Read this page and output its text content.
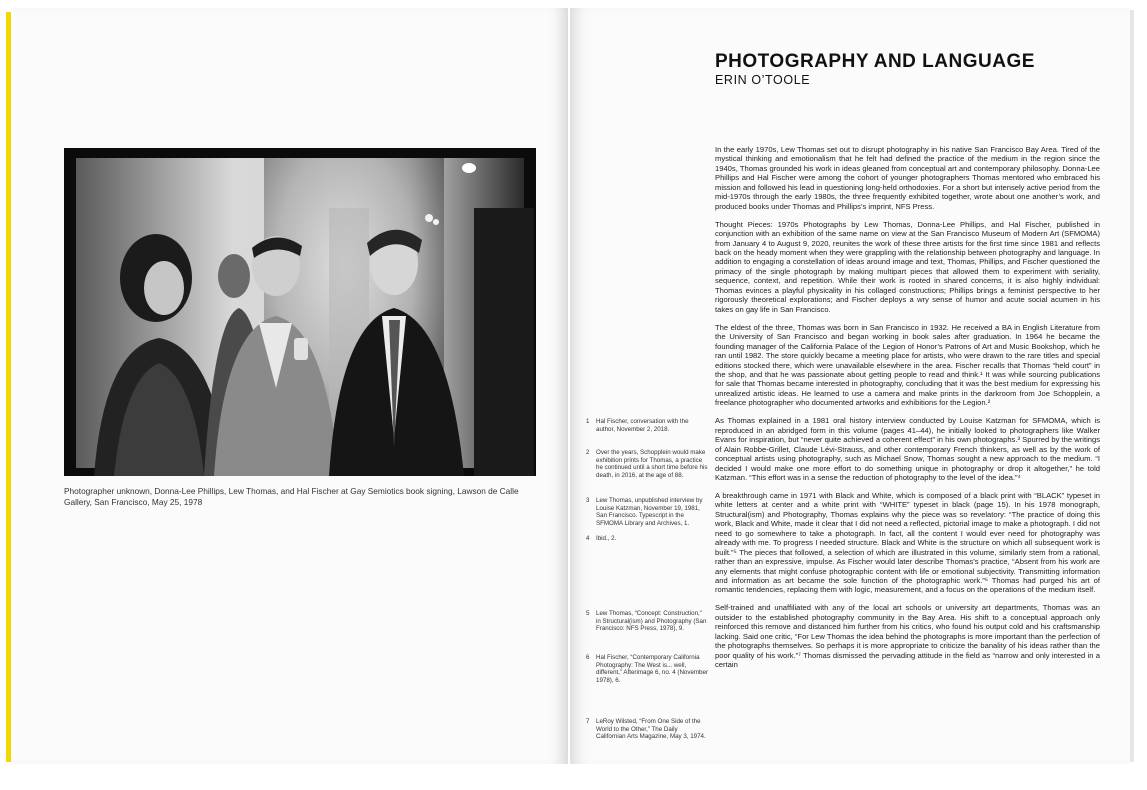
Photographer unknown, Donna-Lee Phillips, Lew Thomas, and Hal Fischer at Gay Semiotics book signing, Lawson de Calle Gallery, San Francisco, May 25, 1978
PHOTOGRAPHY AND LANGUAGE
ERIN O’TOOLE

In the early 1970s, Lew Thomas set out to disrupt photography in his native San Francisco Bay Area. Tired of the mystical thinking and emotionalism that he felt had defined the practice of the medium in the region since the 1940s, Thomas grounded his work in ideas gleaned from conceptual art and contemporary philosophy. Donna-Lee Phillips and Hal Fischer were among the cohort of younger photographers Thomas mentored who embraced his mission and followed his lead in questioning long-held orthodoxies. For a short but intensely active period from the mid-1970s through the early 1980s, the three frequently exhibited together, wrote about one another’s work, and produced books under Thomas and Phillips’s imprint, NFS Press.

Thought Pieces: 1970s Photographs by Lew Thomas, Donna-Lee Phillips, and Hal Fischer, published in conjunction with an exhibition of the same name on view at the San Francisco Museum of Modern Art (SFMOMA) from January 4 to August 9, 2020, reunites the work of these three artists for the first time since 1981 and reflects back on the heady moment when they were grappling with the relationship between photography and language. In addition to engaging a constellation of ideas around image and text, Thomas, Phillips, and Fischer questioned the primacy of the single photograph by making multipart pieces that allowed them to experiment with seriality, sequence, context, and repetition. While their work is rooted in shared concerns, it is also highly individual: Thomas evinces a playful physicality in his collaged constructions; Phillips brings a feminist perspective to her rigorously theoretical explorations; and Fischer deploys a wry sense of humor and acute social acumen in his takes on gay life in San Francisco.

The eldest of the three, Thomas was born in San Francisco in 1932. He received a BA in English Literature from the University of San Francisco and began working in book sales after graduation. In 1964 he became the founding manager of the California Palace of the Legion of Honor’s Patrons of Art and Music Bookshop, which he ran until 1982. The store quickly became a meeting place for artists, who were drawn to the rare titles and special editions stocked there, which were unavailable elsewhere in the area. Fischer recalls that Thomas “held court” in the shop, and that he was passionate about getting people to read and think.¹ It was while sourcing publications for sale that Thomas became interested in photography, concluding that it was the best medium for expressing his unrealized artistic ideas. He learned to use a camera and make prints in the darkroom from Joe Schopplein, a freelance photographer who documented artworks and exhibitions for the Legion.²

As Thomas explained in a 1981 oral history interview conducted by Louise Katzman for SFMOMA, which is reproduced in an abridged form in this volume (pages 41–44), he initially looked to photographers like Walker Evans for inspiration, but “never quite achieved a coherent effect” in his own photographs.³ Spurred by the writings of Alain Robbe-Grillet, Claude Lévi-Strauss, and other contemporary French thinkers, as well as by the work of conceptual artists using photography, such as Michael Snow, Thomas sought a new approach to the medium. “I decided I would make one more effort to do something unique in photography or drop it altogether,” he told Katzman. “This effort was in a sense the reduction of photography to the level of the idea.”⁴

A breakthrough came in 1971 with Black and White, which is composed of a black print with “BLACK” typeset in white letters at center and a white print with “WHITE” typeset in black (page 15). In his 1978 monograph, Structural(ism) and Photography, Thomas explains why the piece was so revelatory: “The practice of doing this work, Black and White, made it clear that I did not need a reflected, pictorial image to make a photograph. I did not need to go somewhere to take a photograph. In fact, all the content I would ever need for photography was already with me. To progress I needed structure. Black and White is the structure on which all subsequent work is built.”⁵ The pieces that followed, a selection of which are illustrated in this volume, similarly stem from a rational, rather than an expressive, impulse. As Fischer would later describe Thomas’s practice, “Absent from his work are any elements that might confuse photographic content with life or emotional subjectivity. Transmitting information and information as art became the sole function of the photographic work.”⁶ Thomas had purged his art of romantic tendencies, replacing them with logic, measurement, and a focus on the operations of the medium itself.

Self-trained and unaffiliated with any of the local art schools or university art departments, Thomas was an outsider to the established photography community in the Bay Area. His shift to a conceptual approach only reinforced this remove and distanced him further from his critics, who found his output cold and his craftsmanship lacking. Said one critic, “For Lew Thomas the idea behind the photographs is more important than the perfection of the photographs themselves. So perhaps it is more appropriate to criticize the banality of his ideas rather than the poor quality of his work.”⁷ Thomas dismissed the pervading attitude in the field as “narrow and only interested in a certain

1 Hal Fischer, conversation with the author, November 2, 2018.
2 Over the years, Schopplein would make exhibition prints for Thomas, a practice he continued until a short time before his death, in 2016, at the age of 88.
3 Lew Thomas, unpublished interview by Louise Katzman, November 19, 1981, San Francisco. Typescript in the SFMOMA Library and Archives, 1.
4 Ibid., 2.
5 Lew Thomas, “Concept: Construction,” in Structural(ism) and Photography (San Francisco: NFS Press, 1978), 9.
6 Hal Fischer, “Contemporary California Photography: The West is... well, different,” Afterimage 6, no. 4 (November 1978), 6.
7 LeRoy Wilsted, “From One Side of the World to the Other,” The Daily Californian Arts Magazine, May 3, 1974.
